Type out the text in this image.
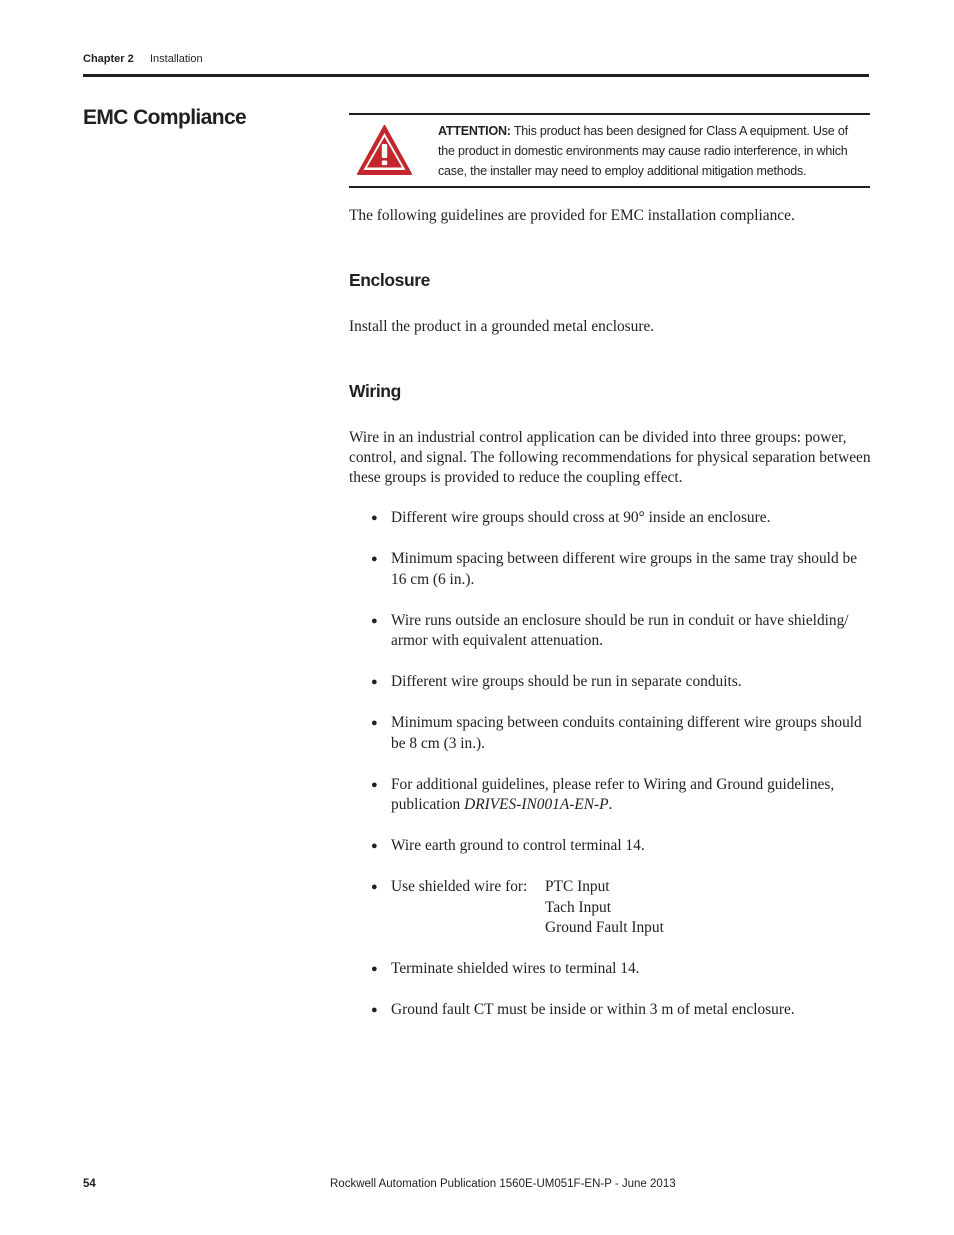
Chapter 2 Installation
EMC Compliance
ATTENTION: This product has been designed for Class A equipment. Use of the product in domestic environments may cause radio interference, in which case, the installer may need to employ additional mitigation methods.
The following guidelines are provided for EMC installation compliance.
Enclosure
Install the product in a grounded metal enclosure.
Wiring
Wire in an industrial control application can be divided into three groups: power, control, and signal. The following recommendations for physical separation between these groups is provided to reduce the coupling effect.
● Different wire groups should cross at 90° inside an enclosure.
● Minimum spacing between different wire groups in the same tray should be 16 cm (6 in.).
● Wire runs outside an enclosure should be run in conduit or have shielding/ armor with equivalent attenuation.
● Different wire groups should be run in separate conduits.
● Minimum spacing between conduits containing different wire groups should be 8 cm (3 in.).
● For additional guidelines, please refer to Wiring and Ground guidelines, publication DRIVES-IN001A-EN-P.
● Wire earth ground to control terminal 14.
● Use shielded wire for:	PTC Input
Tach Input
Ground Fault Input
● Terminate shielded wires to terminal 14.
● Ground fault CT must be inside or within 3 m of metal enclosure.
54	Rockwell Automation Publication 1560E-UM051F-EN-P - June 2013
